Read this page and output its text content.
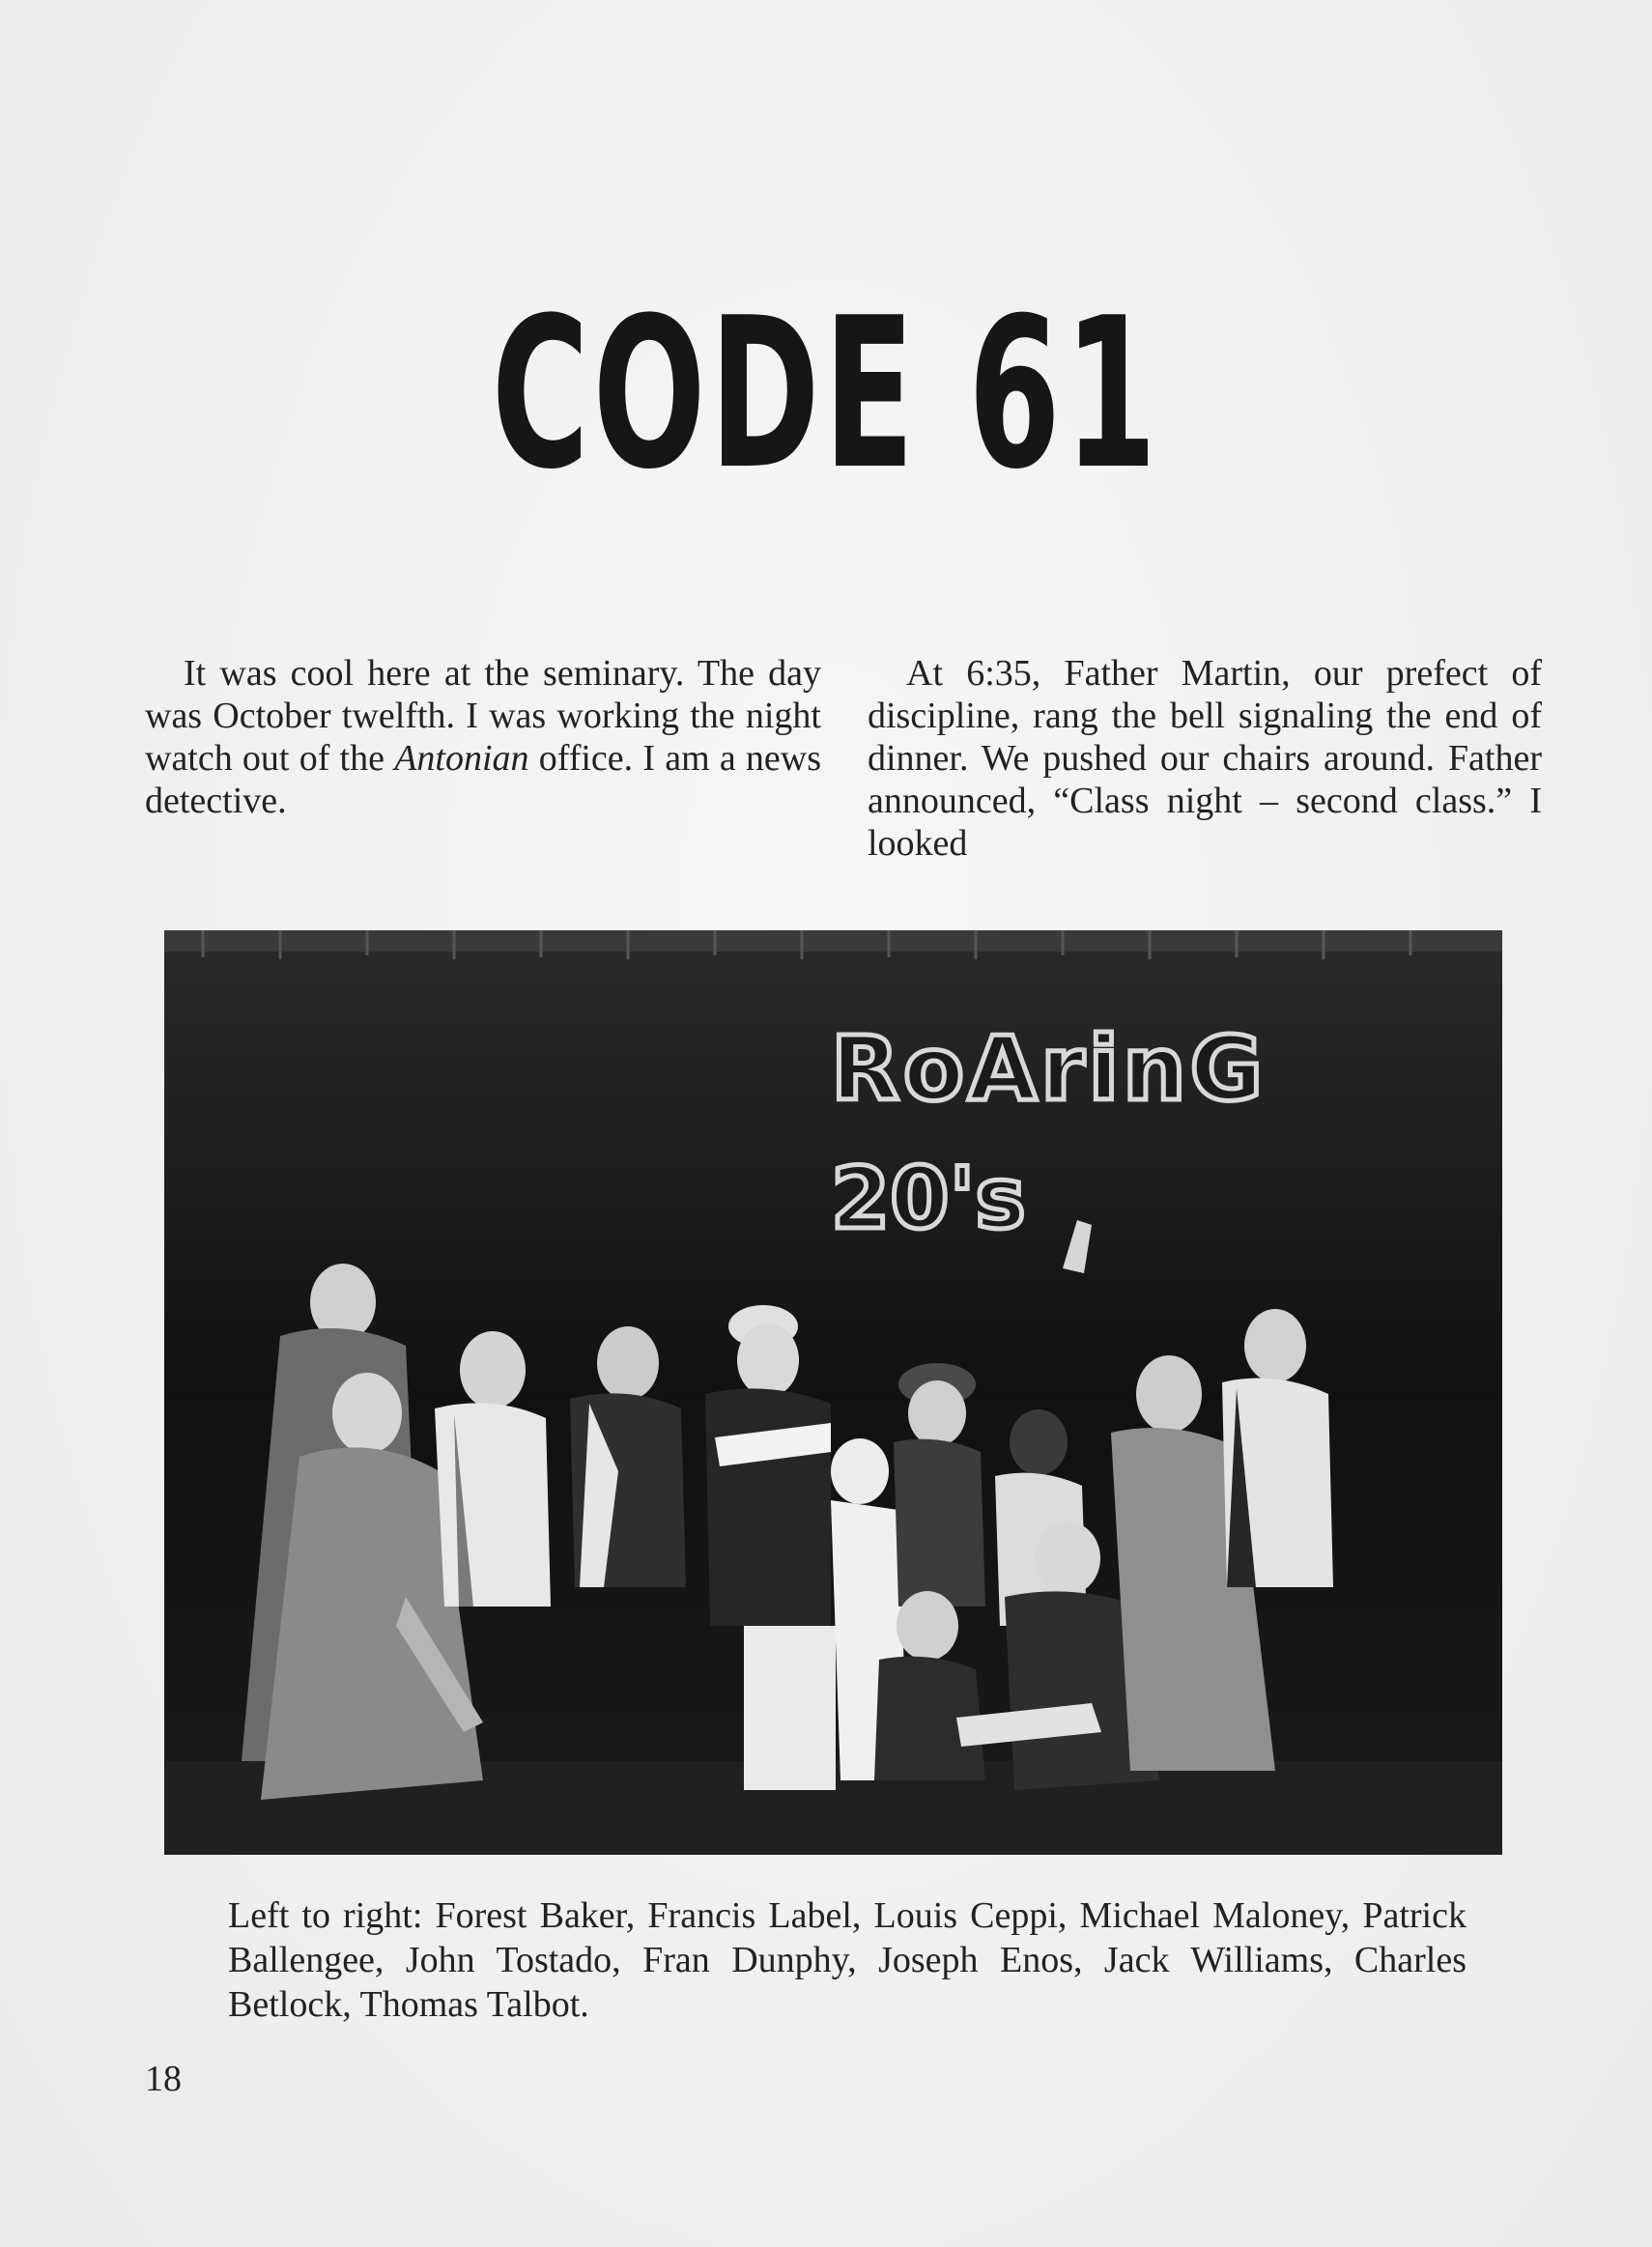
CODE 61

It was cool here at the seminary. The day was October twelfth. I was working the night watch out of the Antonian office. I am a news detective.

At 6:35, Father Martin, our prefect of discipline, rang the bell signaling the end of dinner. We pushed our chairs around. Father announced, “Class night – second class.” I looked

RoArinG
20's
Left to right: Forest Baker, Francis Label, Louis Ceppi, Michael Maloney, Patrick Ballengee, John Tostado, Fran Dunphy, Joseph Enos, Jack Williams, Charles Betlock, Thomas Talbot.
18
